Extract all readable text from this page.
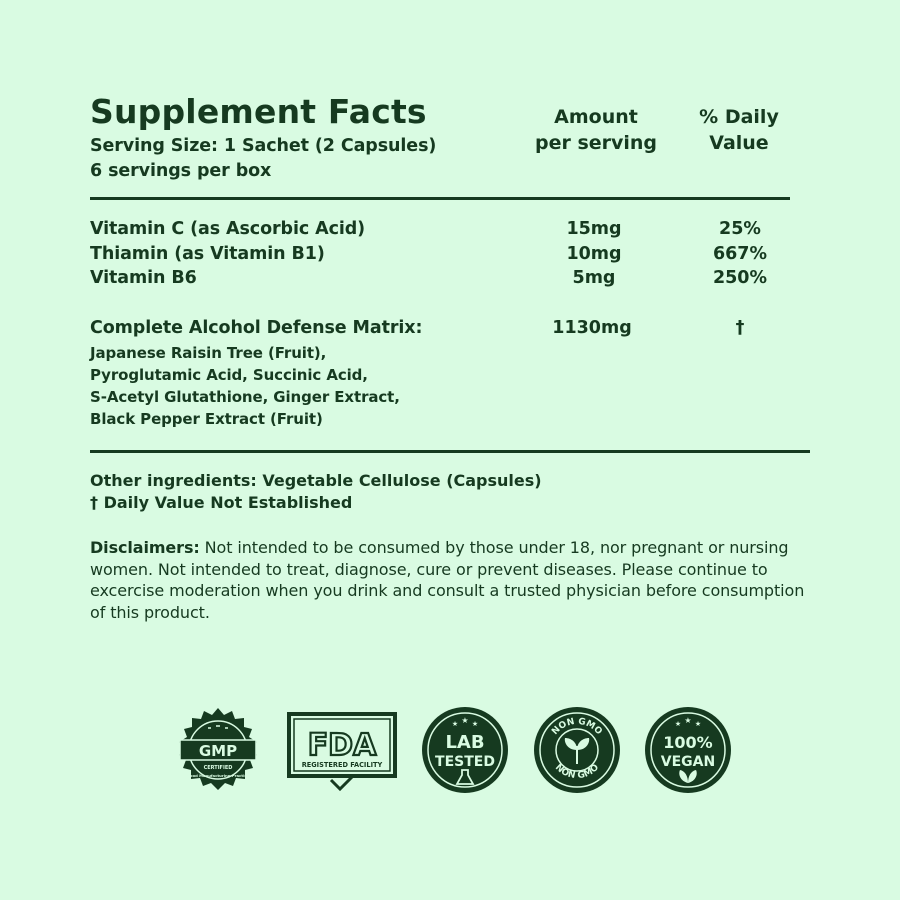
Supplement Facts
Serving Size: 1 Sachet (2 Capsules)
6 servings per box
Amount
per serving
% Daily
Value
Vitamin C (as Ascorbic Acid)	15mg	25%
Thiamin (as Vitamin B1)	10mg	667%
Vitamin B6	5mg	250%
Complete Alcohol Defense Matrix:	1130mg	†
Japanese Raisin Tree (Fruit),
Pyroglutamic Acid, Succinic Acid,
S-Acetyl Glutathione, Ginger Extract,
Black Pepper Extract (Fruit)
Other ingredients: Vegetable Cellulose (Capsules)
† Daily Value Not Established
Disclaimers: Not intended to be consumed by those under 18, nor pregnant or nursing women. Not intended to treat, diagnose, cure or prevent diseases. Please continue to excercise moderation when you drink and consult a trusted physician before consumption of this product.
GMP
CERTIFIED
Good Manufacturing Practice
FDA
REGISTERED FACILITY
★ ★ ★
LAB
TESTED
NON GMO
NON GMO
★ ★ ★
100%
VEGAN
